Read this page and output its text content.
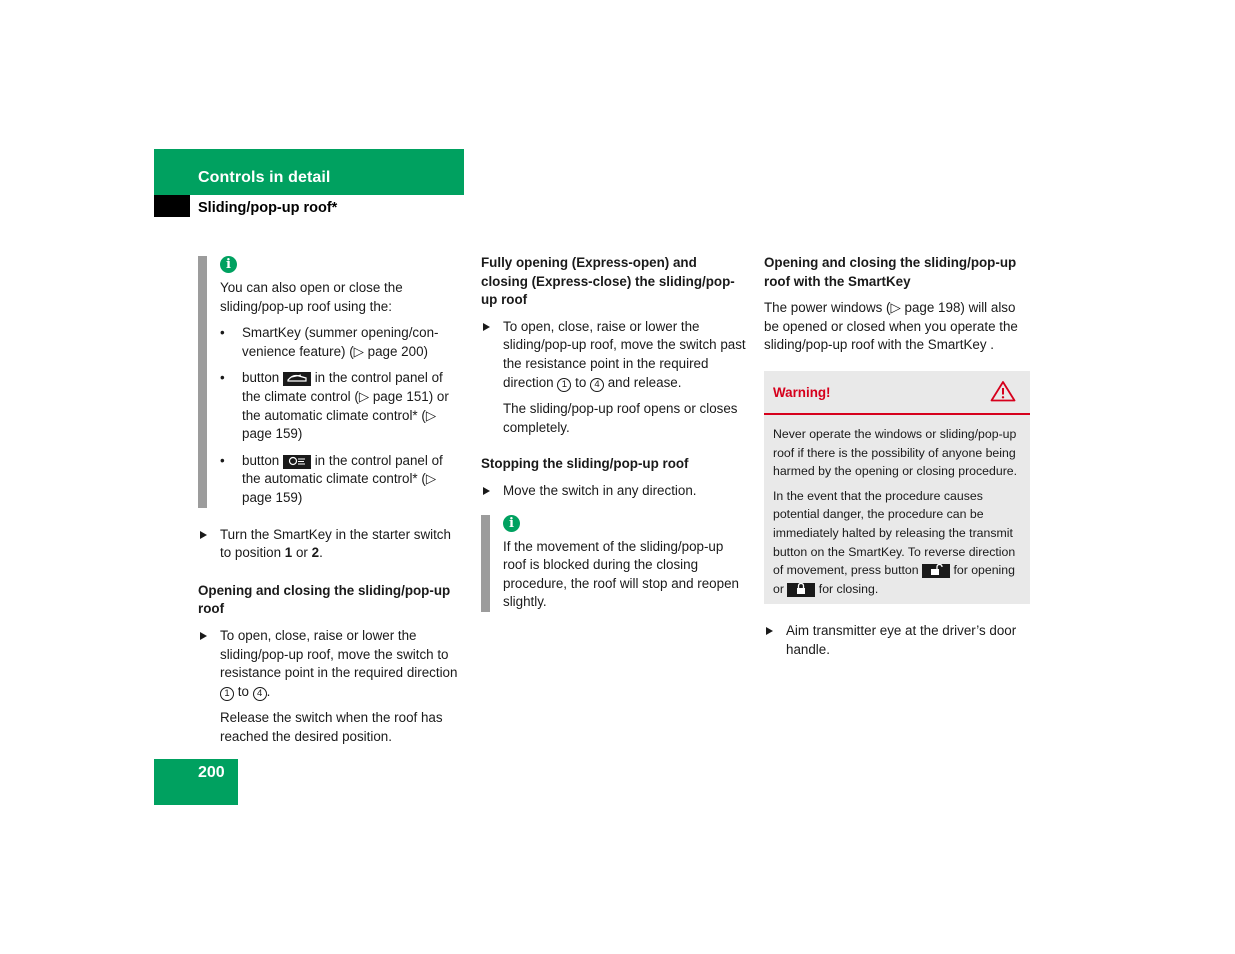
Controls in detail
Sliding/pop-up roof*
i

You can also open or close the sliding/pop-up roof using the:

• SmartKey (summer opening/con-venience feature) (▷ page 200)
• button	in the control panel of the climate control (▷ page 151) or the automatic climate control* (▷ page 159)
• button	in the control panel of the automatic climate control* (▷ page 159)
Turn the SmartKey in the starter switch to position 1 or 2.

Opening and closing the sliding/pop-up roof

To open, close, raise or lower the sliding/pop-up roof, move the switch to resistance point in the required direction 1 to 4 .

Release the switch when the roof has reached the desired position.

Fully opening (Express-open) and closing (Express-close) the sliding/pop-up roof

To open, close, raise or lower the sliding/pop-up roof, move the switch past the resistance point in the required direction 1 to 4 and release.

The sliding/pop-up roof opens or closes completely.

Stopping the sliding/pop-up roof

Move the switch in any direction.
i

If the movement of the sliding/pop-up roof is blocked during the closing procedure, the roof will stop and reopen slightly.

Opening and closing the sliding/pop-up roof with the SmartKey

The power windows (▷ page 198) will also be opened or closed when you operate the sliding/pop-up roof with the SmartKey .

Warning!

Never operate the windows or sliding/pop-up roof if there is the possibility of anyone being harmed by the opening or closing procedure.

In the event that the procedure causes potential danger, the procedure can be immediately halted by releasing the transmit button on the SmartKey. To reverse direction of movement, press button	for opening or	for closing.

Aim transmitter eye at the driver’s door handle.
200
